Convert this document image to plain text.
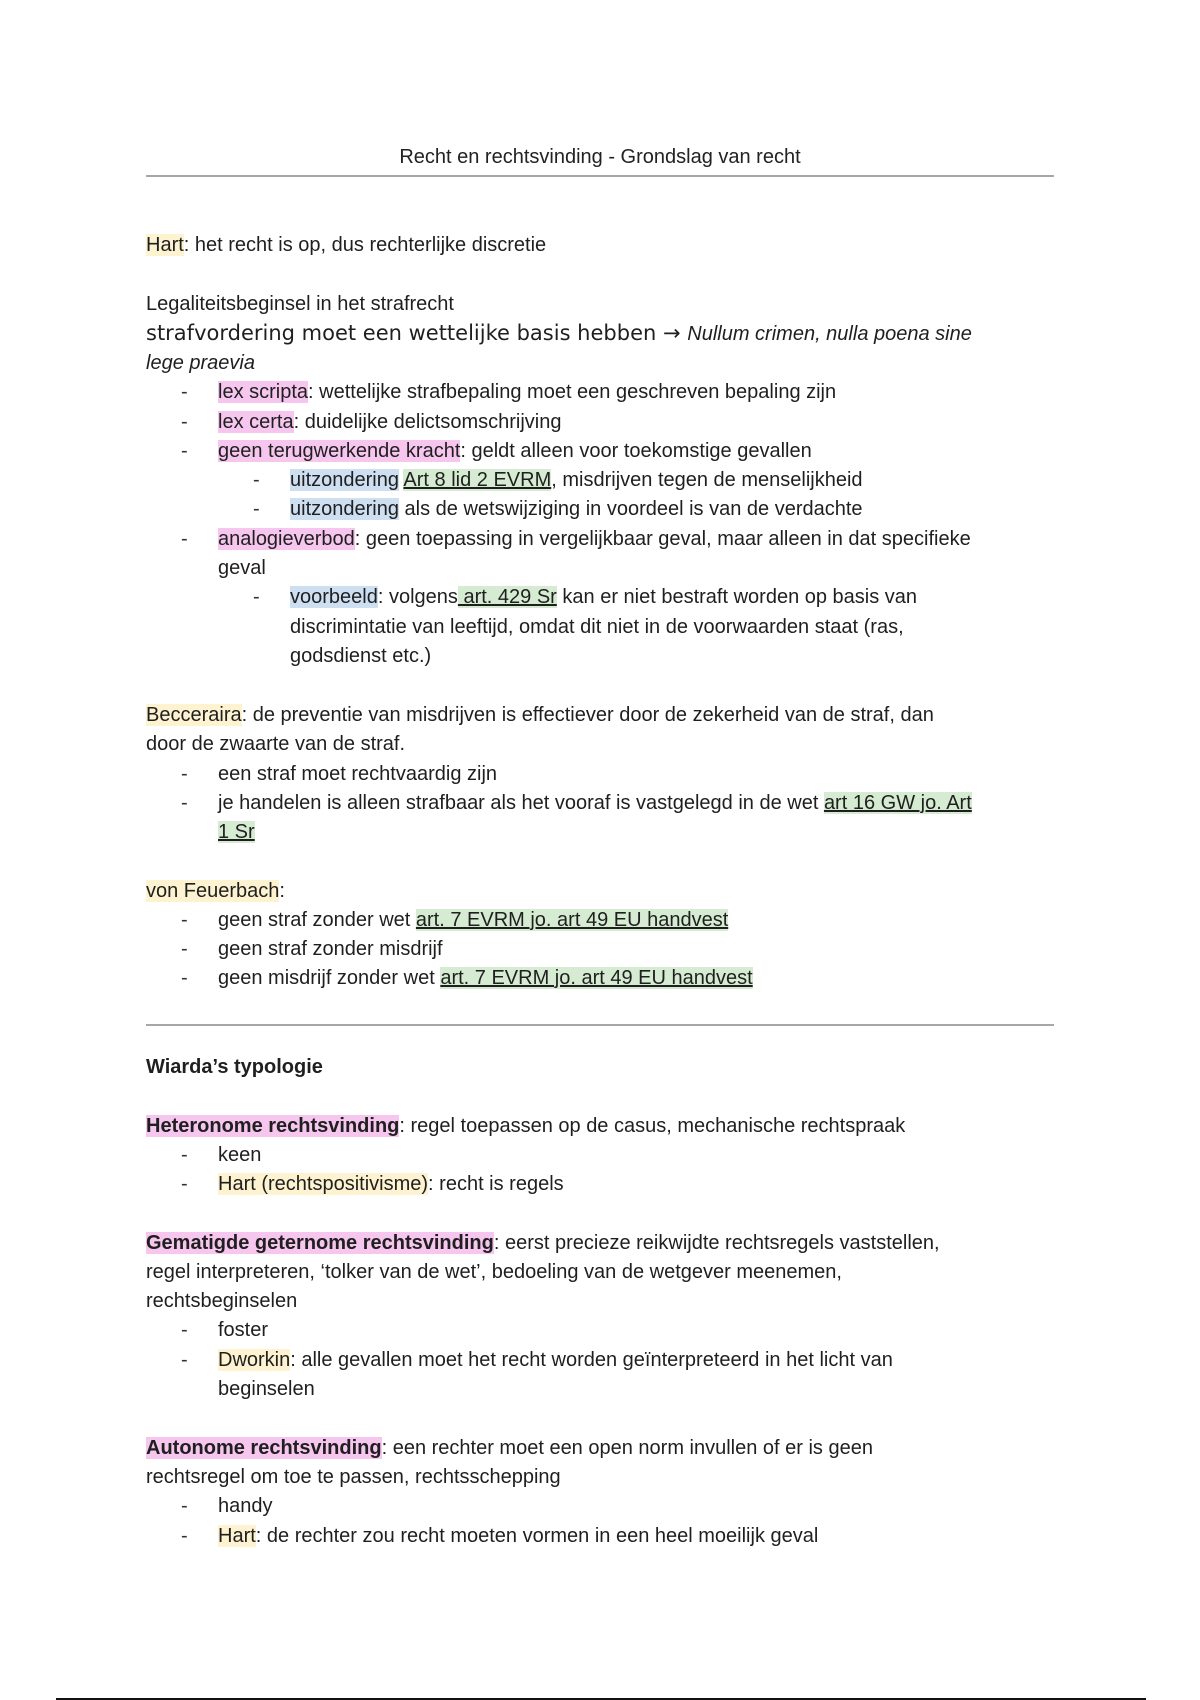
Recht en rechtsvinding - Grondslag van recht
Hart: het recht is op, dus rechterlijke discretie
Legaliteitsbeginsel in het strafrecht
strafvordering moet een wettelijke basis hebben → Nullum crimen, nulla poena sine
lege praevia
- lex scripta: wettelijke strafbepaling moet een geschreven bepaling zijn
- lex certa: duidelijke delictsomschrijving
- geen terugwerkende kracht: geldt alleen voor toekomstige gevallen
- uitzondering Art 8 lid 2 EVRM, misdrijven tegen de menselijkheid
- uitzondering als de wetswijziging in voordeel is van de verdachte
- analogieverbod: geen toepassing in vergelijkbaar geval, maar alleen in dat specifieke
geval
- voorbeeld: volgens art. 429 Sr kan er niet bestraft worden op basis van
discrimintatie van leeftijd, omdat dit niet in de voorwaarden staat (ras,
godsdienst etc.)
Becceraira: de preventie van misdrijven is effectiever door de zekerheid van de straf, dan
door de zwaarte van de straf.
- een straf moet rechtvaardig zijn
- je handelen is alleen strafbaar als het vooraf is vastgelegd in de wet art 16 GW jo. Art
1 Sr
von Feuerbach:
- geen straf zonder wet art. 7 EVRM jo. art 49 EU handvest
- geen straf zonder misdrijf
- geen misdrijf zonder wet art. 7 EVRM jo. art 49 EU handvest
Wiarda’s typologie
Heteronome rechtsvinding: regel toepassen op de casus, mechanische rechtspraak
- keen
- Hart (rechtspositivisme): recht is regels
Gematigde geternome rechtsvinding: eerst precieze reikwijdte rechtsregels vaststellen,
regel interpreteren, ‘tolker van de wet’, bedoeling van de wetgever meenemen,
rechtsbeginselen
- foster
- Dworkin: alle gevallen moet het recht worden geïnterpreteerd in het licht van
beginselen
Autonome rechtsvinding: een rechter moet een open norm invullen of er is geen
rechtsregel om toe te passen, rechtsschepping
- handy
- Hart: de rechter zou recht moeten vormen in een heel moeilijk geval
